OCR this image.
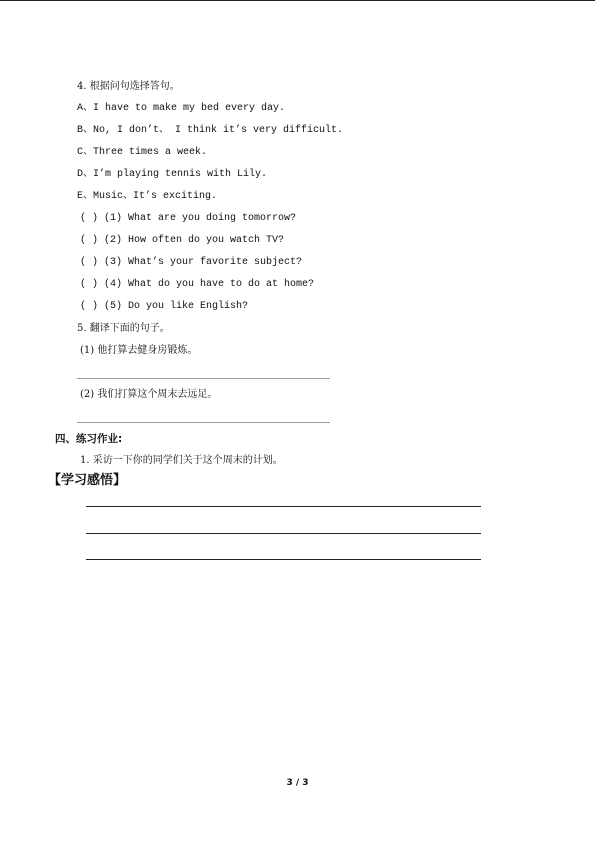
4. 根据问句选择答句。
A、I have to make my bed every day.
B、No, I don’t、 I think it’s very difficult.
C、Three times a week.
D、I’m playing tennis with Lily.
E、Music、It’s exciting.
( ) (1) What are you doing tomorrow?
( ) (2) How often do you watch TV?
( ) (3) What’s your favorite subject?
( ) (4) What do you have to do at home?
( ) (5) Do you like English?
5. 翻译下面的句子。
(1) 他打算去健身房锻炼。
(2) 我们打算这个周末去远足。
四、练习作业:
1. 采访一下你的同学们关于这个周末的计划。
【学习感悟】
3 / 3
